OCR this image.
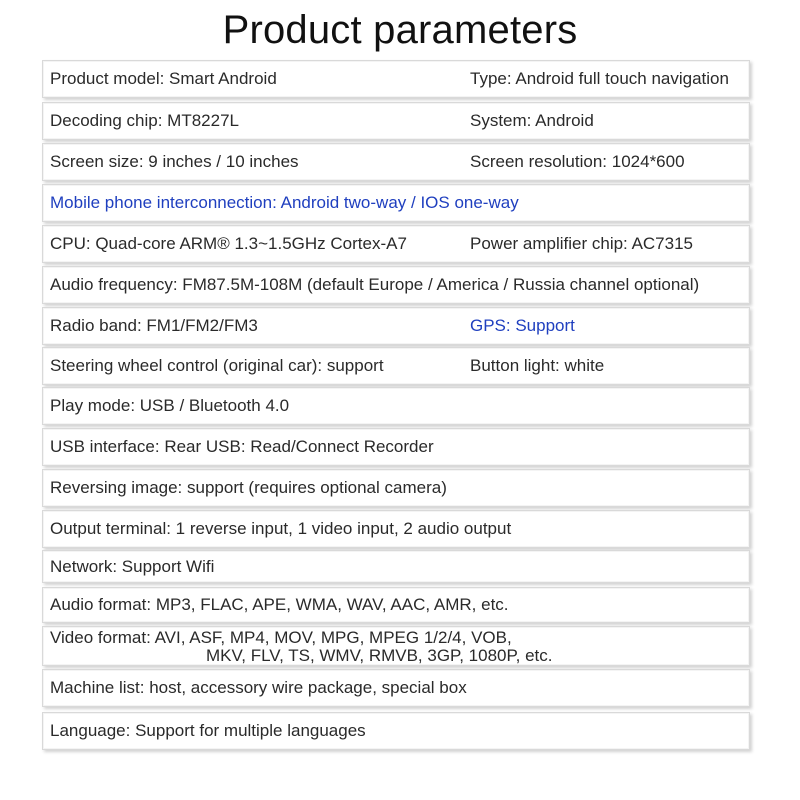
Product parameters
Product model: Smart Android	Type: Android full touch navigation
Decoding chip: MT8227L	System: Android
Screen size: 9 inches / 10 inches	Screen resolution: 1024*600
Mobile phone interconnection: Android two-way / IOS one-way
CPU: Quad-core ARM® 1.3~1.5GHz Cortex-A7	Power amplifier chip: AC7315
Audio frequency: FM87.5M-108M (default Europe / America / Russia channel optional)
Radio band: FM1/FM2/FM3	GPS: Support
Steering wheel control (original car): support	Button light: white
Play mode: USB / Bluetooth 4.0
USB interface: Rear USB: Read/Connect Recorder
Reversing image: support (requires optional camera)
Output terminal: 1 reverse input, 1 video input, 2 audio output
Network: Support Wifi
Audio format: MP3, FLAC, APE, WMA, WAV, AAC, AMR, etc.
Video format: AVI, ASF, MP4, MOV, MPG, MPEG 1/2/4, VOB,
MKV, FLV, TS, WMV, RMVB, 3GP, 1080P, etc.
Machine list: host, accessory wire package, special box
Language: Support for multiple languages
